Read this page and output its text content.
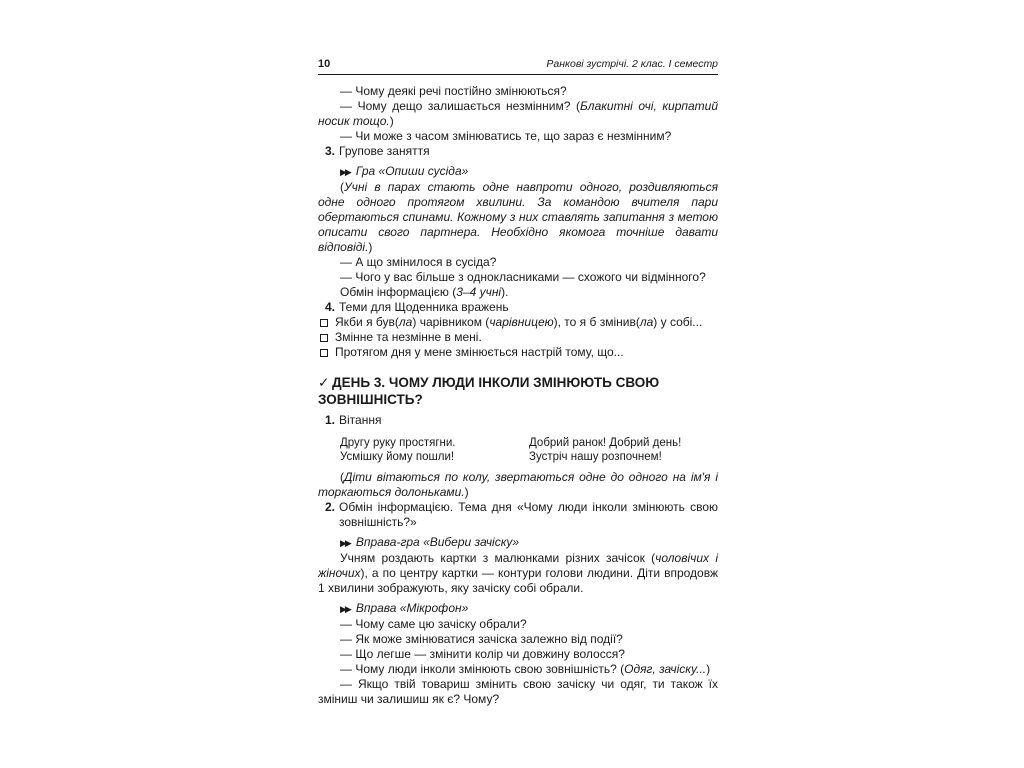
10	Ранкові зустрічі. 2 клас. І семестр

— Чому деякі речі постійно змінюються?

— Чому дещо залишається незмінним? (Блакитні очі, кирпатий носик тощо.)

— Чи може з часом змінюватись те, що зараз є незмінним?

3. Групове заняття

▶▶ Гра «Опиши сусіда»

(Учні в парах стають одне навпроти одного, роздивляються одне одного протягом хвилини. За командою вчителя пари обертаються спинами. Кожному з них ставлять запитання з метою описати свого партнера. Необхідно якомога точніше давати відповіді.)

— А що змінилося в сусіда?

— Чого у вас більше з однокласниками — схожого чи відмінного?

Обмін інформацією (3–4 учні).

4. Теми для Щоденника вражень

Якби я був(ла) чарівником (чарівницею), то я б змінив(ла) у собі...
Змінне та незмінне в мені.
Протягом дня у мене змінюється настрій тому, що...
✓ ДЕНЬ 3. ЧОМУ ЛЮДИ ІНКОЛИ ЗМІНЮЮТЬ СВОЮ ЗОВНІШНІСТЬ?

1. Вітання

Другу руку простягни.
Усмішку йому пошли!
Добрий ранок! Добрий день!
Зустріч нашу розпочнем!

(Діти вітаються по колу, звертаються одне до одного на ім'я і торкаються долоньками.)

2. Обмін інформацією. Тема дня «Чому люди інколи змінюють свою зовнішність?»

▶▶ Вправа-гра «Вибери зачіску»

Учням роздають картки з малюнками різних зачісок (чоловічих і жіночих), а по центру картки — контури голови людини. Діти впродовж 1 хвилини зображують, яку зачіску собі обрали.

▶▶ Вправа «Мікрофон»

— Чому саме цю зачіску обрали?

— Як може змінюватися зачіска залежно від події?

— Що легше — змінити колір чи довжину волосся?

— Чому люди інколи змінюють свою зовнішність? (Одяг, зачіску...)

— Якщо твій товариш змінить свою зачіску чи одяг, ти також їх зміниш чи залишиш як є? Чому?
